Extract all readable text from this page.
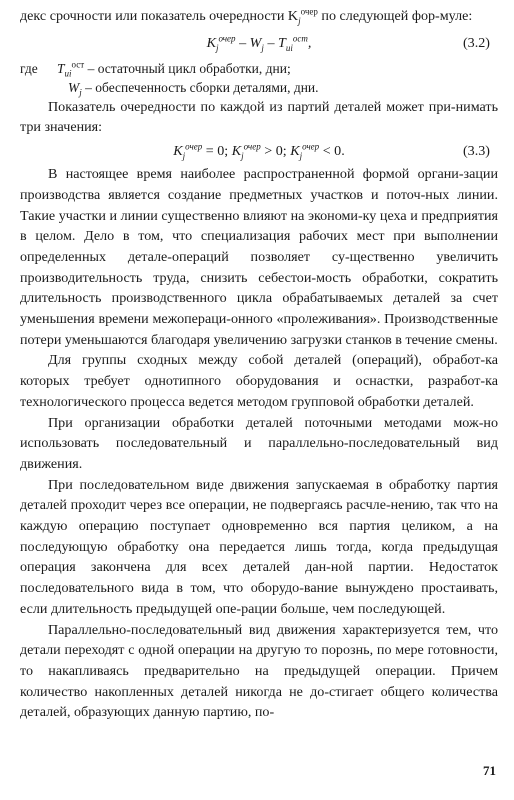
декс срочности или показатель очередности $K_j^{очер}$ по следующей фор-муле:

$K_j^{очер} - W_j - T_{ui}^{ост}$,	(3.2)
где $T_{ui}^{ост}$ – остаточный цикл обработки, дни;
$W_j$ – обеспеченность сборки деталями, дни.

Показатель очередности по каждой из партий деталей может при-нимать три значения:

$K_j^{очер} = 0$; $K_j^{очер} > 0$; $K_j^{очер} < 0$.	(3.3)

В настоящее время наиболее распространенной формой органи-зации производства является создание предметных участков и поточ-ных линии. Такие участки и линии существенно влияют на экономи-ку цеха и предприятия в целом. Дело в том, что специализация рабочих мест при выполнении определенных детале-операций позволяет су-щественно увеличить производительность труда, снизить себестои-мость обработки, сократить длительность производственного цикла обрабатываемых деталей за счет уменьшения времени межопераци-онного «пролеживания». Производственные потери уменьшаются благодаря увеличению загрузки станков в течение смены.

Для группы сходных между собой деталей (операций), обработ-ка которых требует однотипного оборудования и оснастки, разработ-ка технологического процесса ведется методом групповой обработки деталей.

При организации обработки деталей поточными методами мож-но использовать последовательный и параллельно-последовательный вид движения.

При последовательном виде движения запускаемая в обработку партия деталей проходит через все операции, не подвергаясь расчле-нению, так что на каждую операцию поступает одновременно вся партия целиком, а на последующую обработку она передается лишь тогда, когда предыдущая операция закончена для всех деталей дан-ной партии. Недостаток последовательного вида в том, что оборудо-вание вынуждено простаивать, если длительность предыдущей опе-рации больше, чем последующей.

Параллельно-последовательный вид движения характеризуется тем, что детали переходят с одной операции на другую то порознь, по мере готовности, то накапливаясь предварительно на предыдущей операции. Причем количество накопленных деталей никогда не до-стигает общего количества деталей, образующих данную партию, по-

71
